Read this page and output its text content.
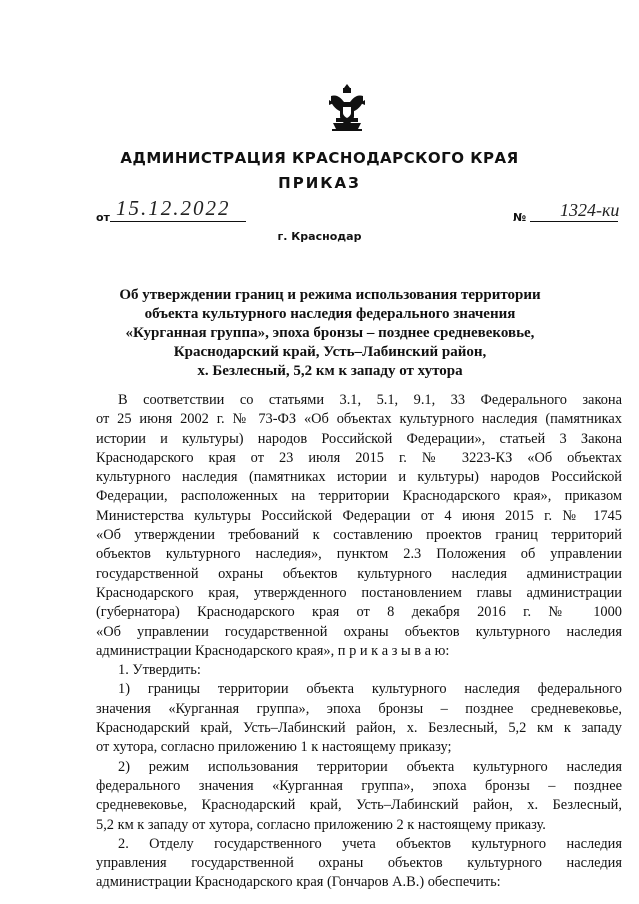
АДМИНИСТРАЦИЯ КРАСНОДАРСКОГО КРАЯ
ПРИКАЗ
от 15.12.2022	№ 1324-ки
г. Краснодар
Об утверждении границ и режима использования территории
объекта культурного наследия федерального значения
«Курганная группа», эпоха бронзы – позднее средневековье,
Краснодарский край, Усть–Лабинский район,
х. Безлесный, 5,2 км к западу от хутора
В соответствии со статьями 3.1, 5.1, 9.1, 33 Федерального закона
от 25 июня 2002 г. № 73-ФЗ «Об объектах культурного наследия (памятниках
истории и культуры) народов Российской Федерации», статьей 3 Закона
Краснодарского края от 23 июля 2015 г. № 3223-КЗ «Об объектах
культурного наследия (памятниках истории и культуры) народов Российской
Федерации, расположенных на территории Краснодарского края», приказом
Министерства культуры Российской Федерации от 4 июня 2015 г. № 1745
«Об утверждении требований к составлению проектов границ территорий
объектов культурного наследия», пунктом 2.3 Положения об управлении
государственной охраны объектов культурного наследия администрации
Краснодарского края, утвержденного постановлением главы администрации
(губернатора) Краснодарского края от 8 декабря 2016 г. № 1000
«Об управлении государственной охраны объектов культурного наследия
администрации Краснодарского края», п р и к а з ы в а ю:
1. Утвердить:
1) границы территории объекта культурного наследия федерального
значения «Курганная группа», эпоха бронзы – позднее средневековье,
Краснодарский край, Усть–Лабинский район, х. Безлесный, 5,2 км к западу
от хутора, согласно приложению 1 к настоящему приказу;
2) режим использования территории объекта культурного наследия
федерального значения «Курганная группа», эпоха бронзы – позднее
средневековье, Краснодарский край, Усть–Лабинский район, х. Безлесный,
5,2 км к западу от хутора, согласно приложению 2 к настоящему приказу.
2. Отделу государственного учета объектов культурного наследия
управления государственной охраны объектов культурного наследия
администрации Краснодарского края (Гончаров А.В.) обеспечить:
